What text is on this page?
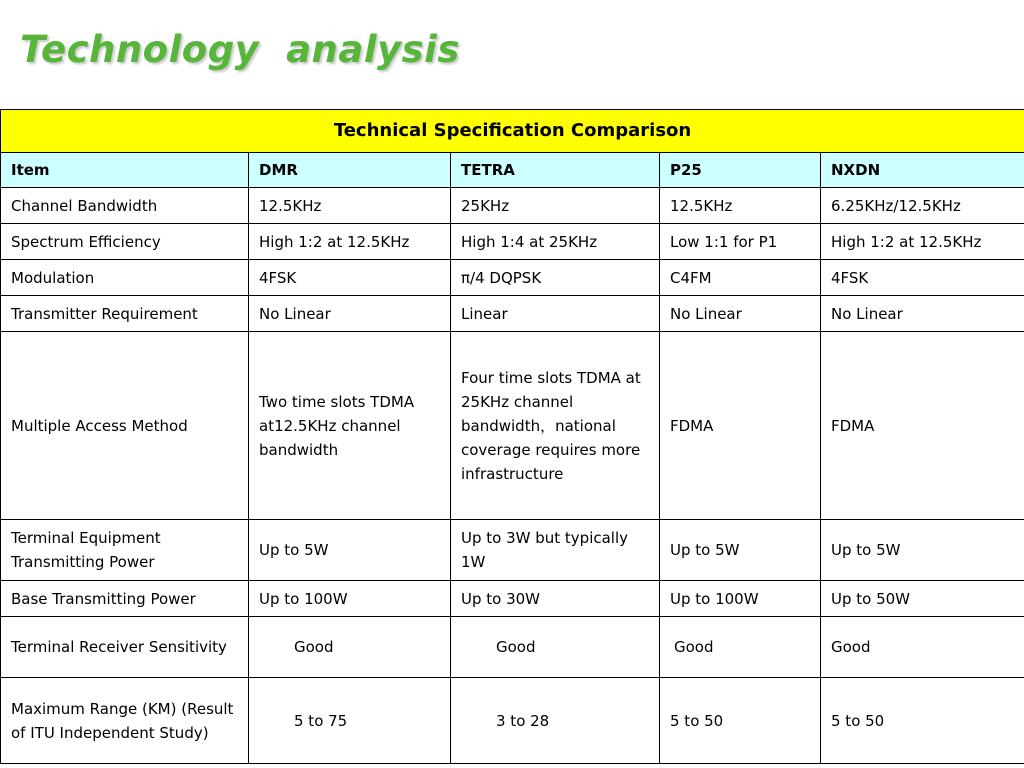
Technology  analysis
Technical Specification Comparison				
Item	DMR	TETRA	P25	NXDN
Channel Bandwidth	12.5KHz	25KHz	12.5KHz	6.25KHz/12.5KHz
Spectrum Efficiency	High 1:2 at 12.5KHz	High 1:4 at 25KHz	Low 1:1 for P1	High 1:2 at 12.5KHz
Modulation	4FSK	π/4 DQPSK	C4FM	4FSK
Transmitter Requirement	No Linear	Linear	No Linear	No Linear
Multiple Access Method	Two time slots TDMA at12.5KHz channel bandwidth	Four time slots TDMA at 25KHz channel bandwidth，national coverage requires more infrastructure	FDMA	FDMA
Terminal Equipment Transmitting Power	Up to 5W	Up to 3W but typically 1W	Up to 5W	Up to 5W
Base Transmitting Power	Up to 100W	Up to 30W	Up to 100W	Up to 50W
Terminal Receiver Sensitivity	Good	Good	Good	Good
Maximum Range (KM) (Result of ITU Independent Study)	5 to 75	3 to 28	5 to 50	5 to 50
